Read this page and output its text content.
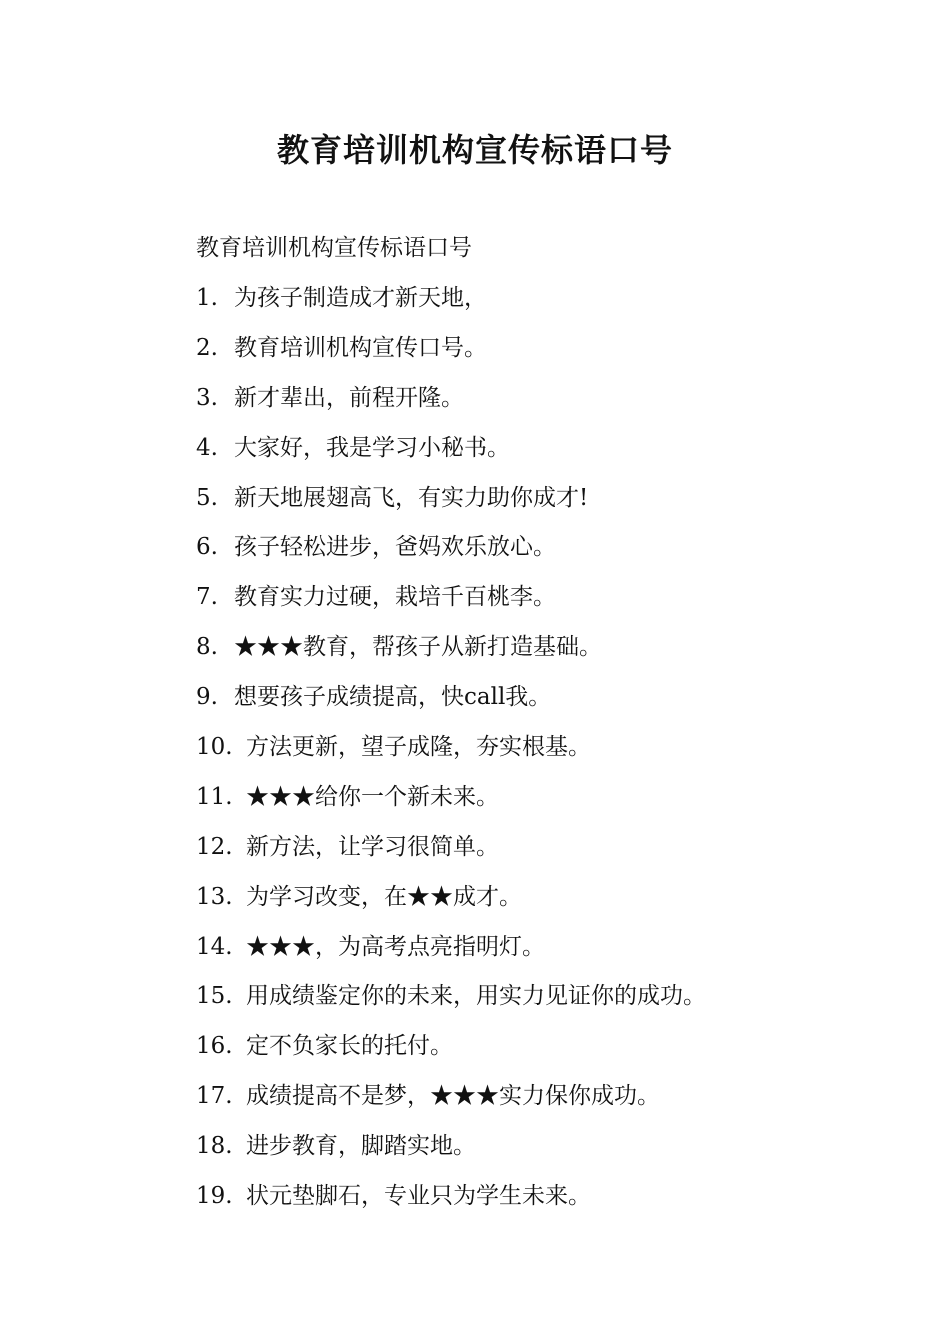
教育培训机构宣传标语口号

教育培训机构宣传标语口号

1. 为孩子制造成才新天地，
2. 教育培训机构宣传口号。
3. 新才辈出，前程开隆。
4. 大家好，我是学习小秘书。
5. 新天地展翅高飞，有实力助你成才!
6. 孩子轻松进步，爸妈欢乐放心。
7. 教育实力过硬，栽培千百桃李。
8. ★★★教育，帮孩子从新打造基础。
9. 想要孩子成绩提高，快call我。
10. 方法更新，望子成隆，夯实根基。
11. ★★★给你一个新未来。
12. 新方法，让学习很简单。
13. 为学习改变，在★★成才。
14. ★★★，为高考点亮指明灯。
15. 用成绩鉴定你的未来，用实力见证你的成功。
16. 定不负家长的托付。
17. 成绩提高不是梦，★★★实力保你成功。
18. 进步教育，脚踏实地。
19. 状元垫脚石，专业只为学生未来。
